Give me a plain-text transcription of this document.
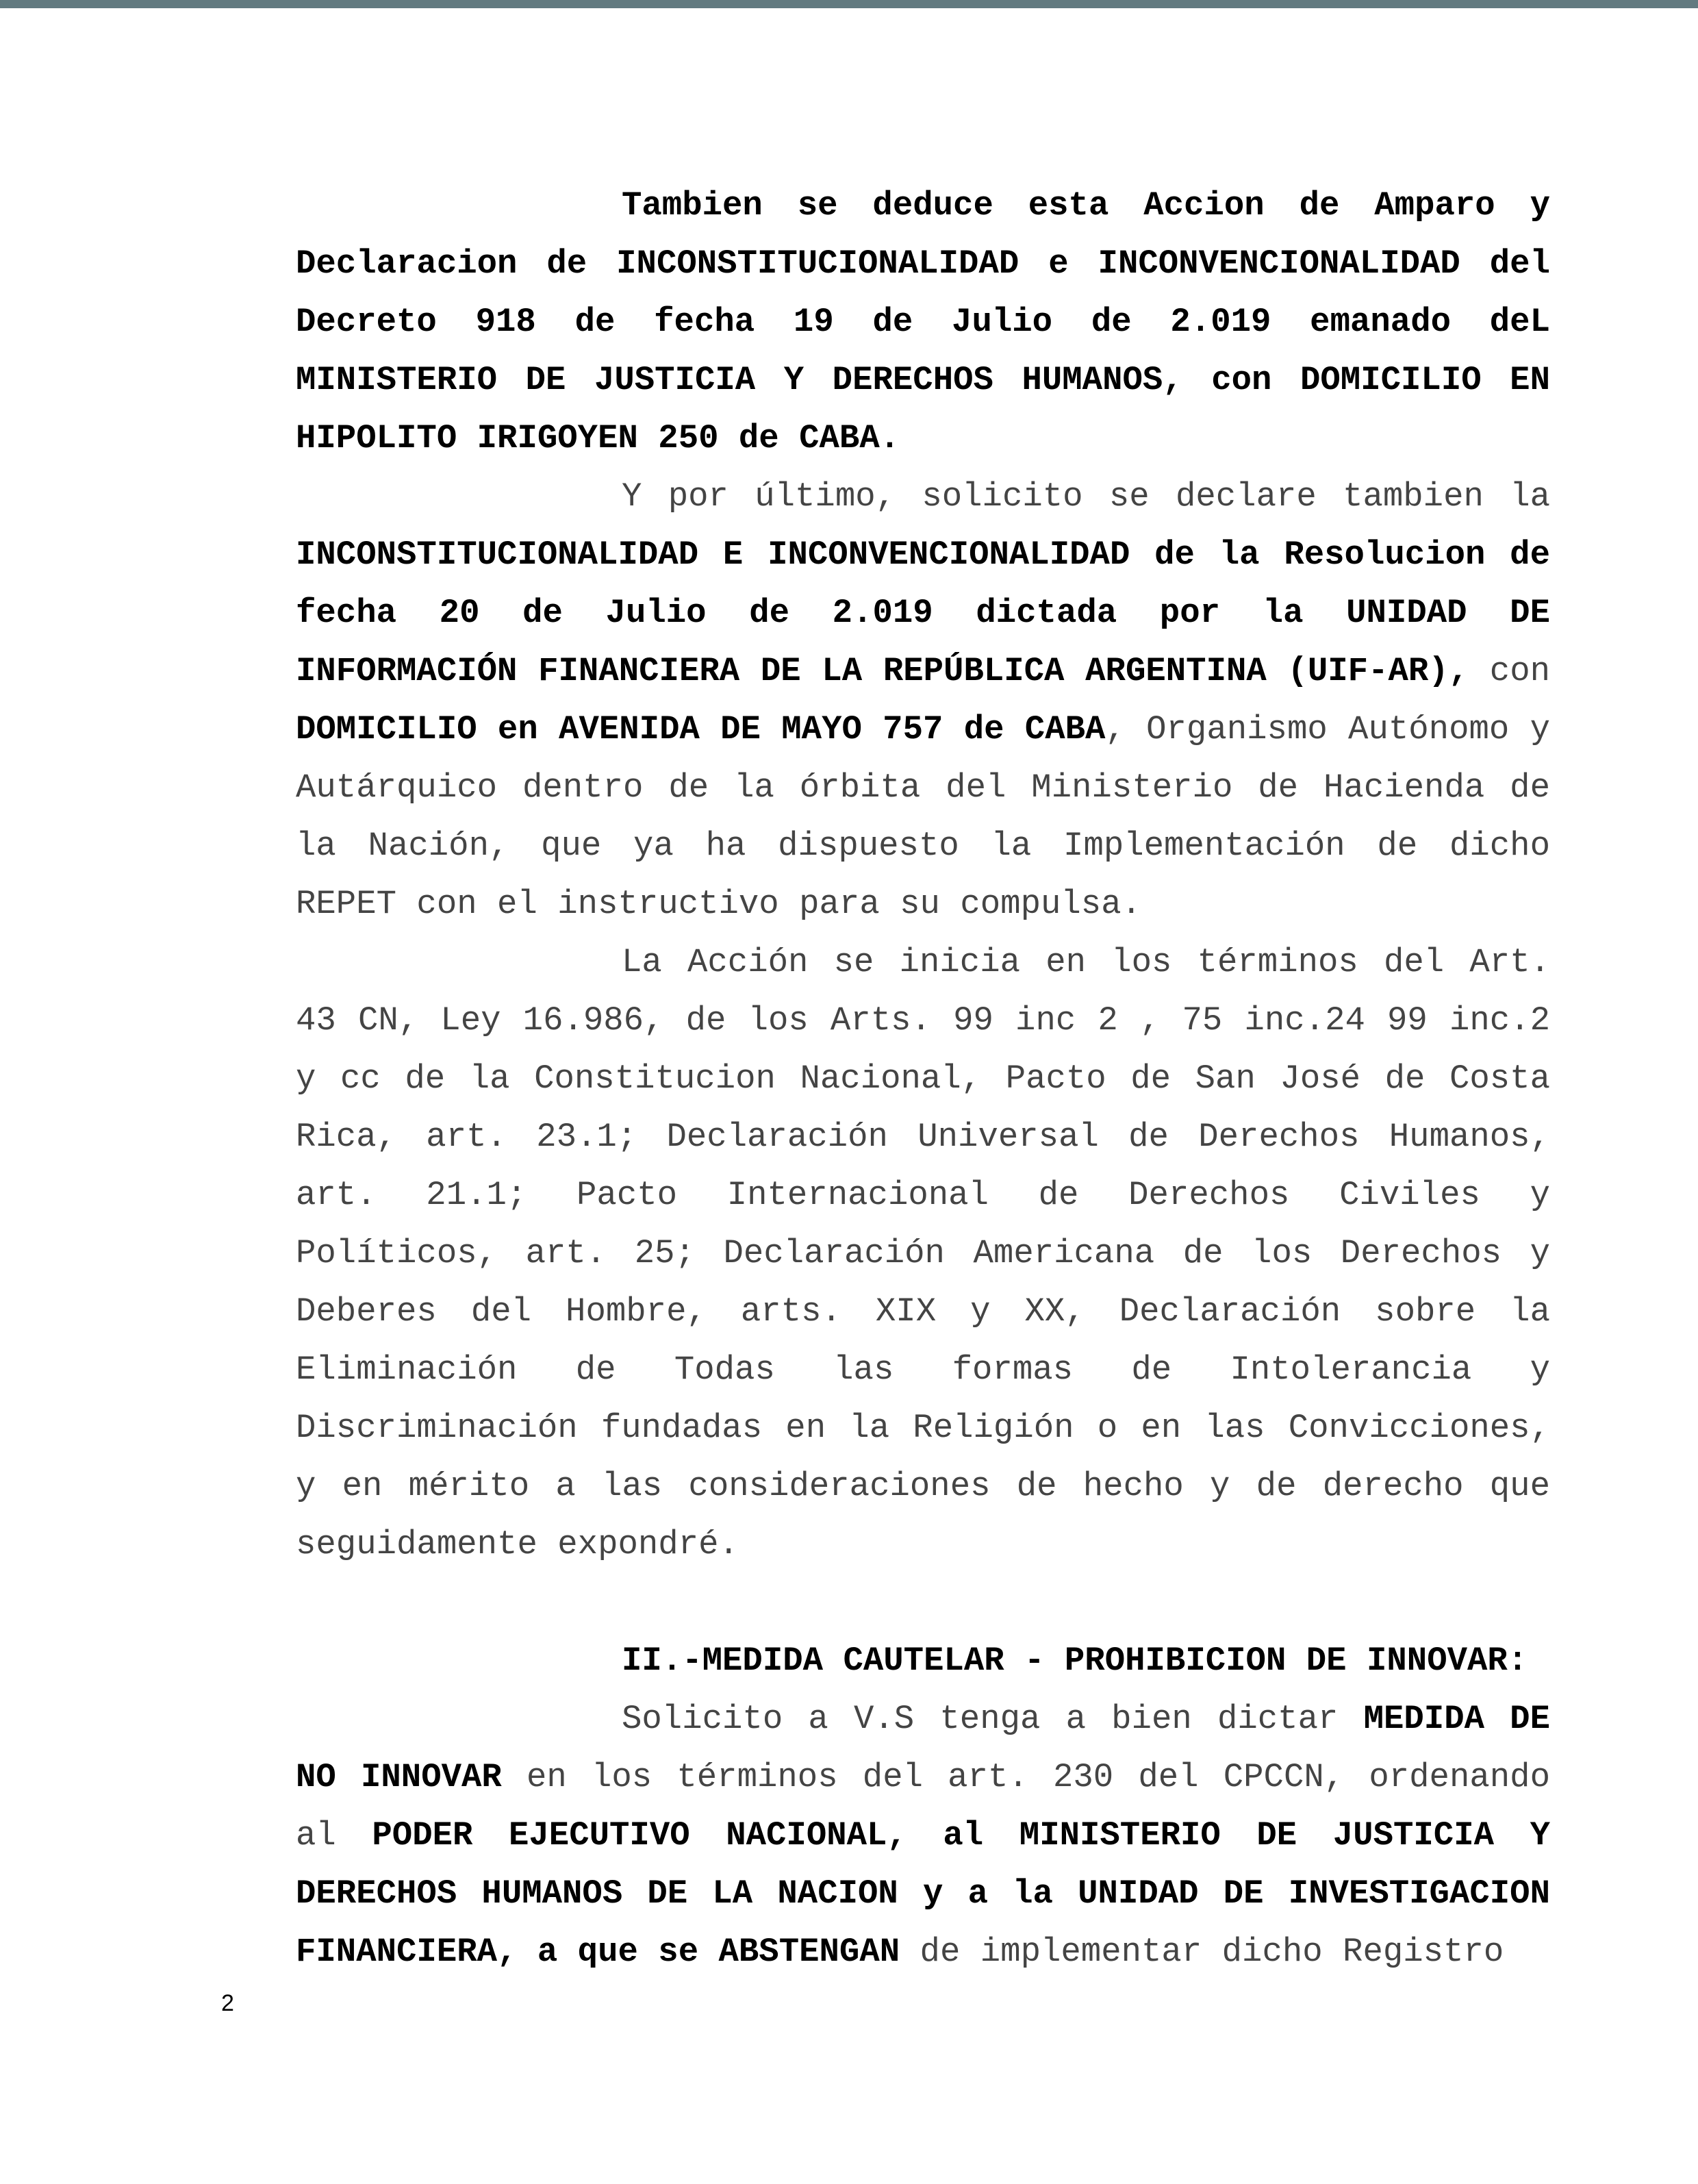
Tambien se deduce esta Accion de Amparo y Declaracion de INCONSTITUCIONALIDAD e INCONVENCIONALIDAD del Decreto 918 de fecha 19 de Julio de 2.019 emanado deL MINISTERIO DE JUSTICIA Y DERECHOS HUMANOS, con DOMICILIO EN HIPOLITO IRIGOYEN 250 de CABA.

Y por último, solicito se declare tambien la INCONSTITUCIONALIDAD E INCONVENCIONALIDAD de la Resolucion de fecha 20 de Julio de 2.019 dictada por la UNIDAD DE INFORMACIÓN FINANCIERA DE LA REPÚBLICA ARGENTINA (UIF-AR), con DOMICILIO en AVENIDA DE MAYO 757 de CABA, Organismo Autónomo y Autárquico dentro de la órbita del Ministerio de Hacienda de la Nación, que ya ha dispuesto la Implementación de dicho REPET con el instructivo para su compulsa.

La Acción se inicia en los términos del Art. 43 CN, Ley 16.986, de los Arts. 99 inc 2 , 75 inc.24 99 inc.2 y cc de la Constitucion Nacional, Pacto de San José de Costa Rica, art. 23.1; Declaración Universal de Derechos Humanos, art. 21.1; Pacto Internacional de Derechos Civiles y Políticos, art. 25; Declaración Americana de los Derechos y Deberes del Hombre, arts. XIX y XX, Declaración sobre la Eliminación de Todas las formas de Intolerancia y Discriminación fundadas en la Religión o en las Convicciones, y en mérito a las consideraciones de hecho y de derecho que seguidamente expondré.

II.-MEDIDA CAUTELAR - PROHIBICION DE INNOVAR:

Solicito a V.S tenga a bien dictar MEDIDA DE NO INNOVAR en los términos del art. 230 del CPCCN, ordenando al PODER EJECUTIVO NACIONAL, al MINISTERIO DE JUSTICIA Y DERECHOS HUMANOS DE LA NACION y a la UNIDAD DE INVESTIGACION FINANCIERA, a que se ABSTENGAN de implementar dicho Registro

2
